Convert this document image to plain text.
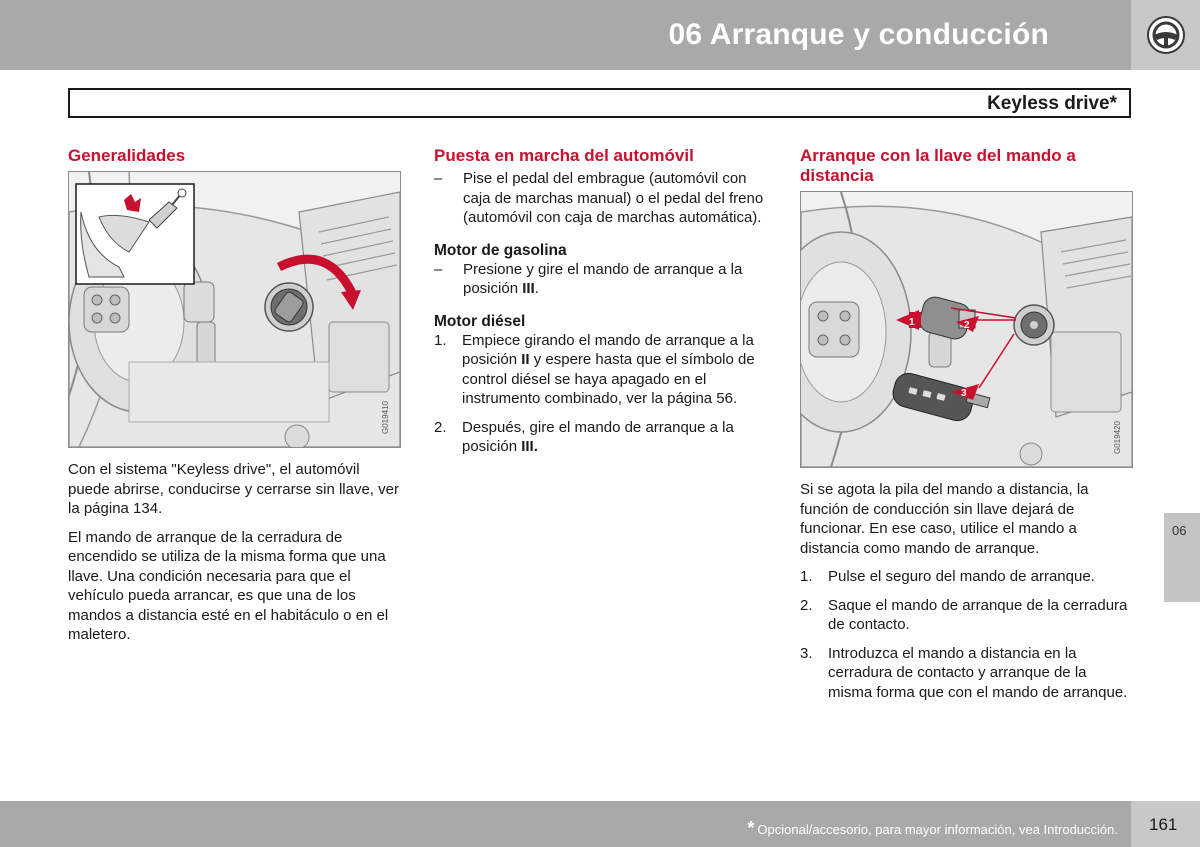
06 Arranque y conducción
Keyless drive*
Generalidades
G019410

Con el sistema "Keyless drive", el automóvil puede abrirse, conducirse y cerrarse sin llave, ver la página 134.

El mando de arranque de la cerradura de encendido se utiliza de la misma forma que una llave. Una condición necesaria para que el vehículo pueda arrancar, es que una de los mandos a distancia esté en el habitáculo o en el maletero.

Puesta en marcha del automóvil
–	Pise el pedal del embrague (automóvil con caja de marchas manual) o el pedal del freno (automóvil con caja de marchas automática).
Motor de gasolina
–	Presione y gire el mando de arranque a la posición III.
Motor diésel
1.	Empiece girando el mando de arranque a la posición II y espere hasta que el símbolo de control diésel se haya apagado en el instrumento combinado, ver la página 56.
2.	Después, gire el mando de arranque a la posición III.
Arranque con la llave del mando a distancia
1	2
3
G019420

Si se agota la pila del mando a distancia, la función de conducción sin llave dejará de funcionar. En ese caso, utilice el mando a distancia como mando de arranque.

1.	Pulse el seguro del mando de arranque.
2.	Saque el mando de arranque de la cerradura de contacto.
3.	Introduzca el mando a distancia en la cerradura de contacto y arranque de la misma forma que con el mando de arranque.
06
* Opcional/accesorio, para mayor información, vea Introducción. 161
